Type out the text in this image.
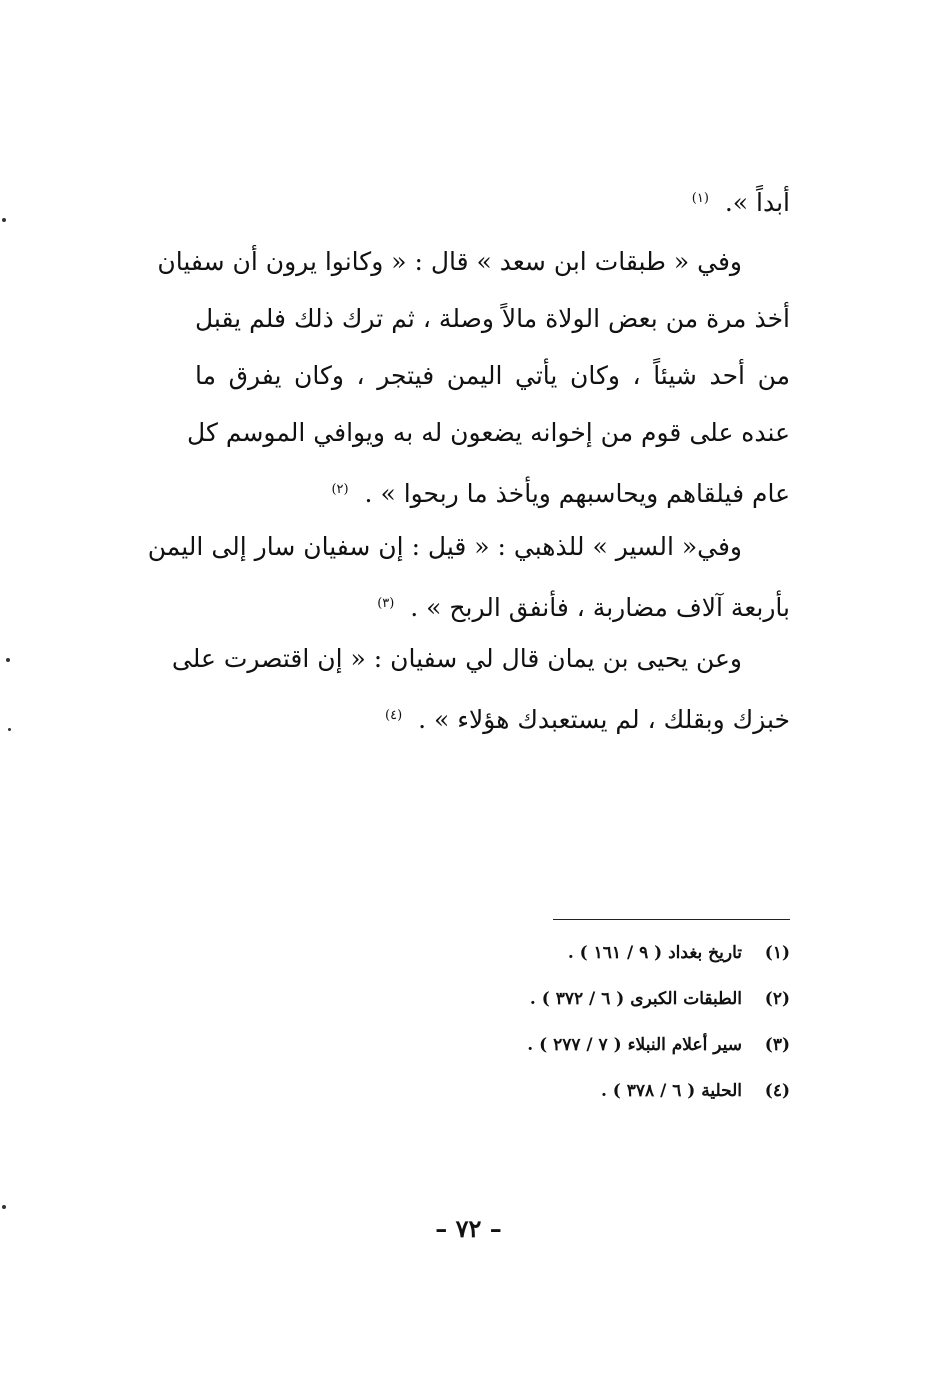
أبداً ». $^{(١)}$
وفي « طبقات ابن سعد » قال : « وكانوا يرون أن سفيان
أخذ مرة من بعض الولاة مالاً وصلة ، ثم ترك ذلك فلم يقبل
من أحد شيئاً ، وكان يأتي اليمن فيتجر ، وكان يفرق ما
عنده على قوم من إخوانه يضعون له به ويوافي الموسم كل
عام فيلقاهم ويحاسبهم ويأخذ ما ربحوا » . $^{(٢)}$
وفي« السير » للذهبي : « قيل : إن سفيان سار إلى اليمن
بأربعة آلاف مضاربة ، فأنفق الربح » . $^{(٣)}$
وعن يحيى بن يمان قال لي سفيان : « إن اقتصرت على
خبزك وبقلك ، لم يستعبدك هؤلاء » . $^{(٤)}$
(١)تاريخ بغداد ( ٩ / ١٦١ ) .
(٢)الطبقات الكبرى ( ٦ / ٣٧٢ ) .
(٣)سير أعلام النبلاء ( ٧ / ٢٧٧ ) .
(٤)الحلية ( ٦ / ٣٧٨ ) .
– ٧٢ –
